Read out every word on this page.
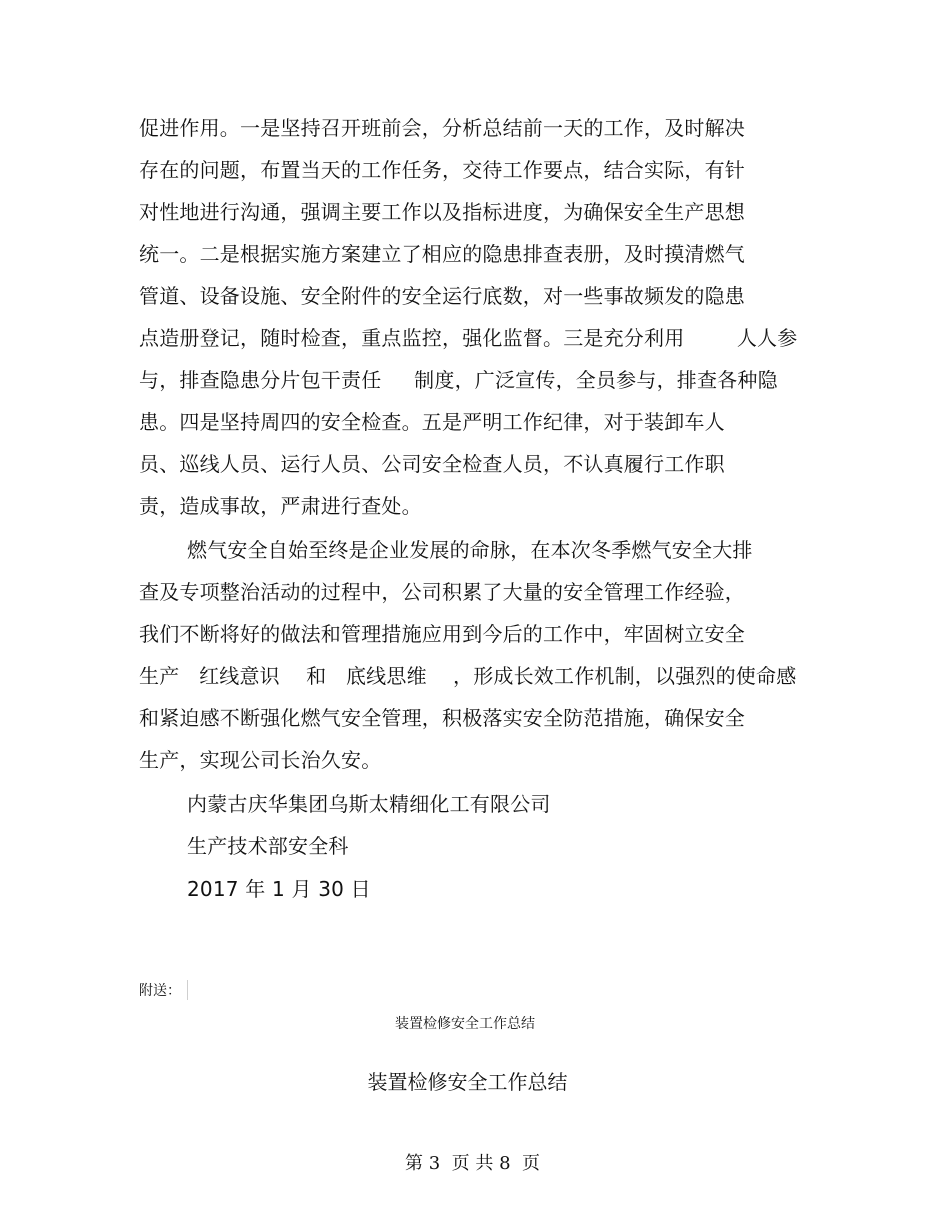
促进作用。一是坚持召开班前会，分析总结前一天的工作，及时解决
存在的问题，布置当天的工作任务，交待工作要点，结合实际，有针
对性地进行沟通，强调主要工作以及指标进度，为确保安全生产思想
统一。二是根据实施方案建立了相应的隐患排查表册，及时摸清燃气
管道、设备设施、安全附件的安全运行底数，对一些事故频发的隐患
点造册登记，随时检查，重点监控，强化监督。三是充分利用        人人参
与，排查隐患分片包干责任     制度，广泛宣传，全员参与，排查各种隐
患。四是坚持周四的安全检查。五是严明工作纪律，对于装卸车人
员、巡线人员、运行人员、公司安全检查人员，不认真履行工作职
责，造成事故，严肃进行查处。
燃气安全自始至终是企业发展的命脉，在本次冬季燃气安全大排
查及专项整治活动的过程中，公司积累了大量的安全管理工作经验，
我们不断将好的做法和管理措施应用到今后的工作中，牢固树立安全
生产   红线意识    和   底线思维    ，形成长效工作机制，以强烈的使命感
和紧迫感不断强化燃气安全管理，积极落实安全防范措施，确保安全
生产，实现公司长治久安。
内蒙古庆华集团乌斯太精细化工有限公司
生产技术部安全科
2017 年 1 月 30 日
附送：
装置检修安全工作总结
装置检修安全工作总结
第 3  页 共 8  页
